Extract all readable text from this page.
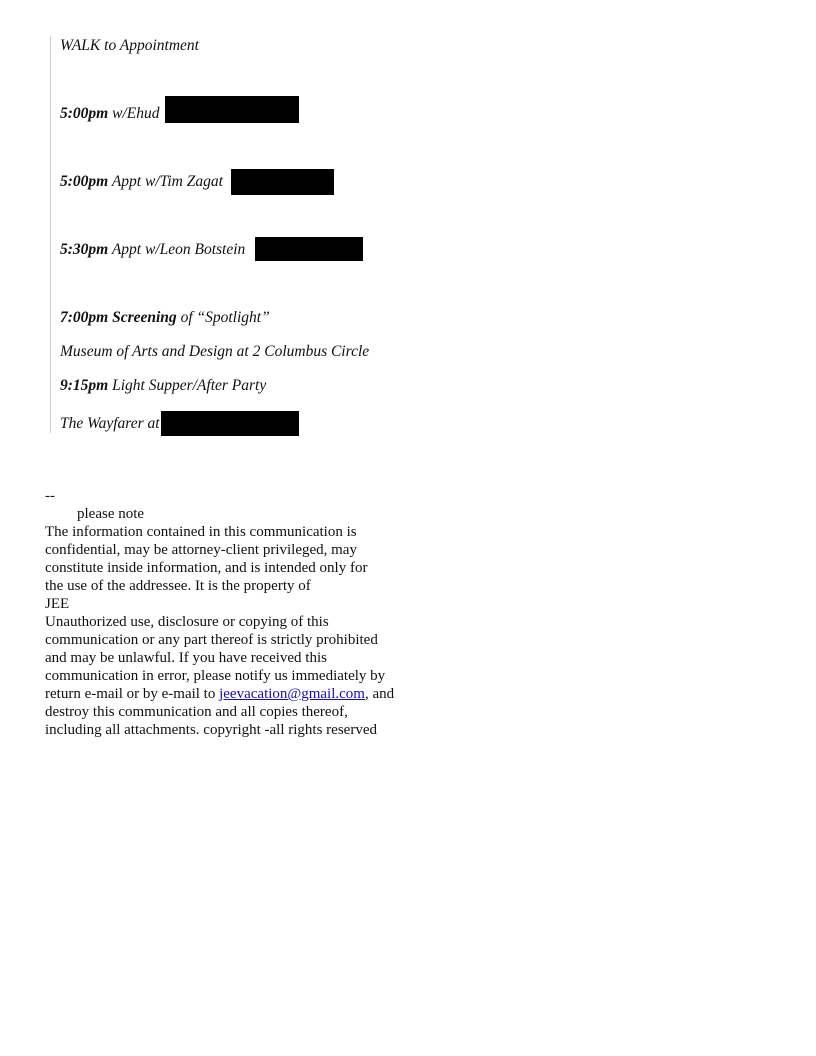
WALK to Appointment
5:00pm w/Ehud
5:00pm Appt w/Tim Zagat
5:30pm Appt w/Leon Botstein
7:00pm Screening of “Spotlight”
Museum of Arts and Design at 2 Columbus Circle
9:15pm Light Supper/After Party
The Wayfarer at
--
please note
The information contained in this communication is
confidential, may be attorney-client privileged, may
constitute inside information, and is intended only for
the use of the addressee. It is the property of
JEE
Unauthorized use, disclosure or copying of this
communication or any part thereof is strictly prohibited
and may be unlawful. If you have received this
communication in error, please notify us immediately by
return e-mail or by e-mail to jeevacation@gmail.com, and
destroy this communication and all copies thereof,
including all attachments. copyright -all rights reserved
